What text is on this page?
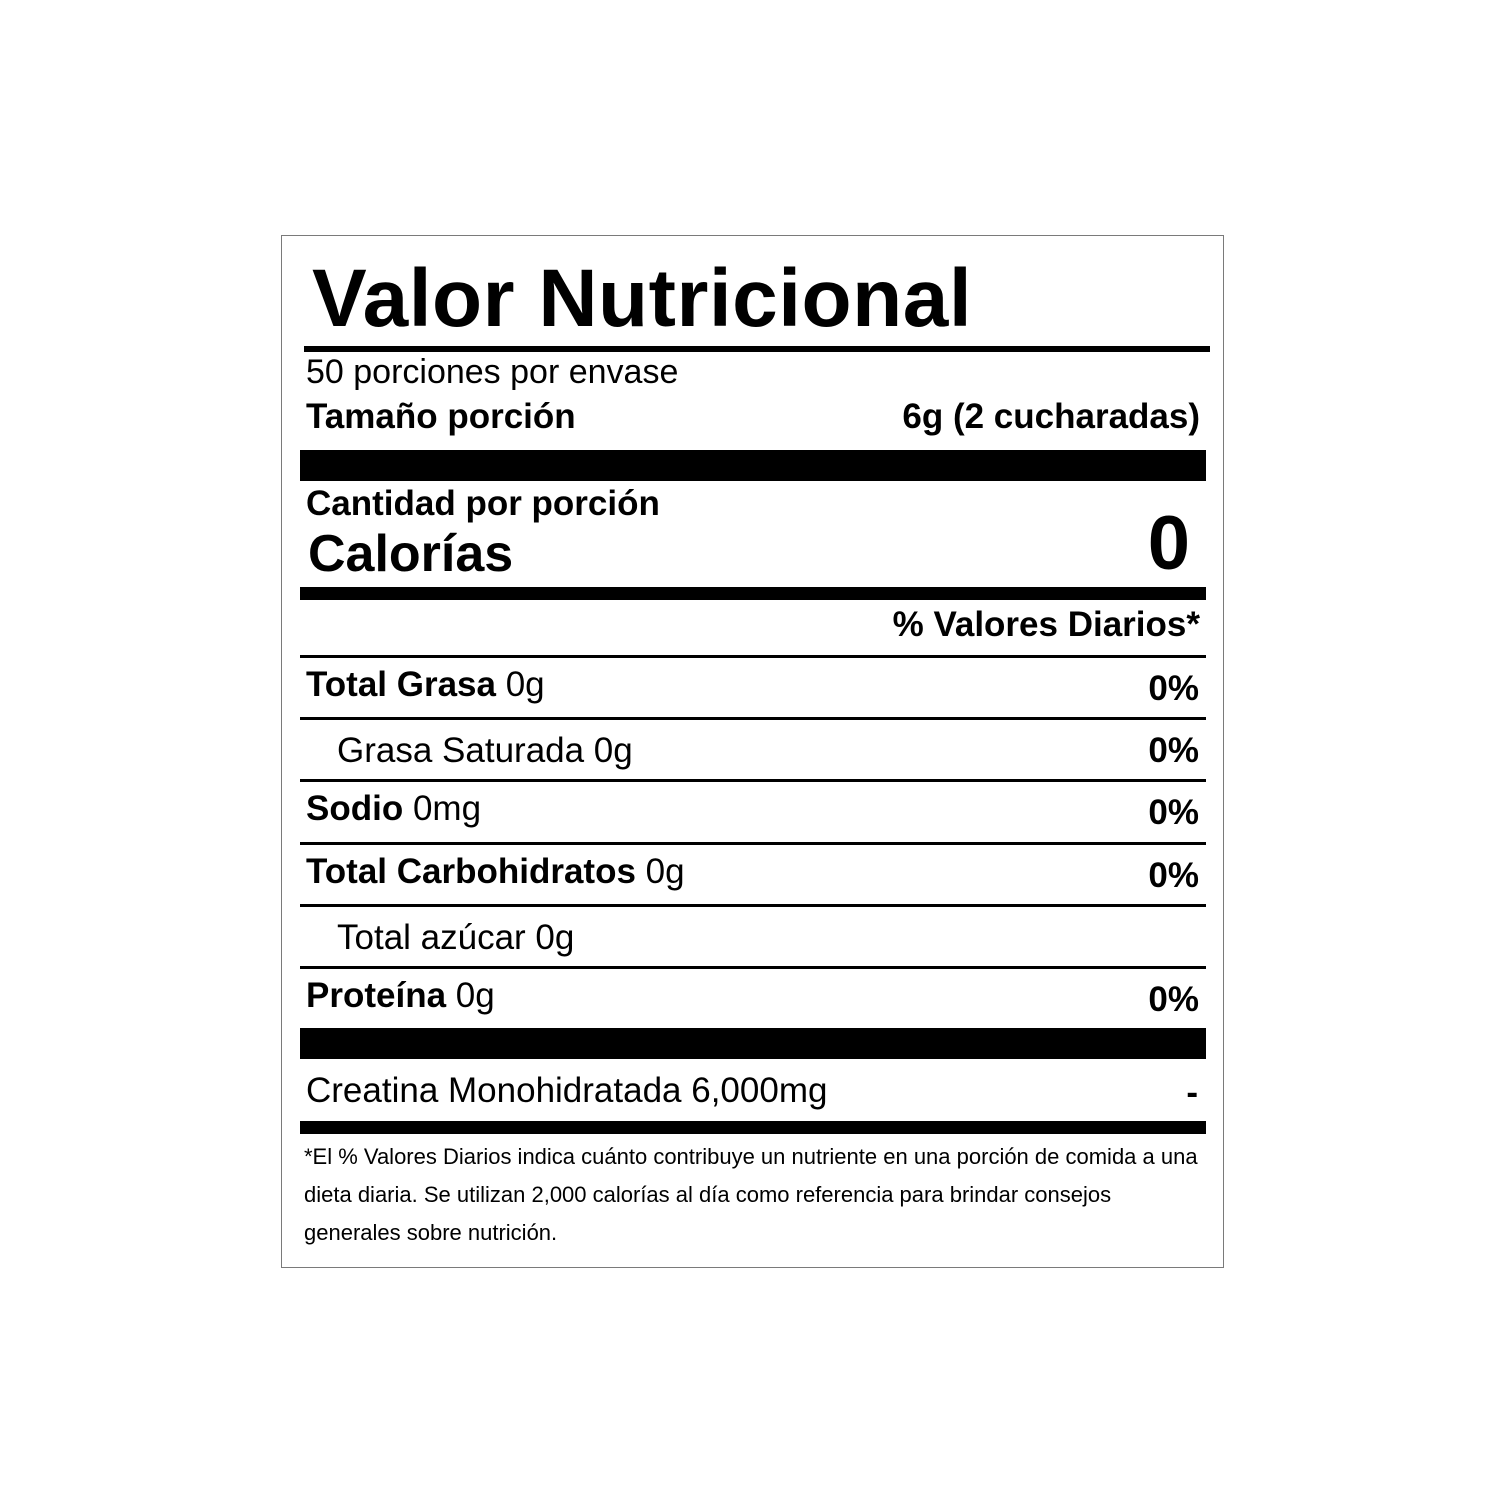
Valor Nutricional
50 porciones por envase
Tamaño porción	6g (2 cucharadas)
Cantidad por porción
Calorías	0
% Valores Diarios*
Total Grasa 0g	0%
Grasa Saturada 0g	0%
Sodio 0mg	0%
Total Carbohidratos 0g	0%
Total azúcar 0g
Proteína 0g	0%
Creatina Monohidratada 6,000mg	-
*El % Valores Diarios indica cuánto contribuye un nutriente en una porción de comida a una dieta diaria. Se utilizan 2,000 calorías al día como referencia para brindar consejos generales sobre nutrición.
